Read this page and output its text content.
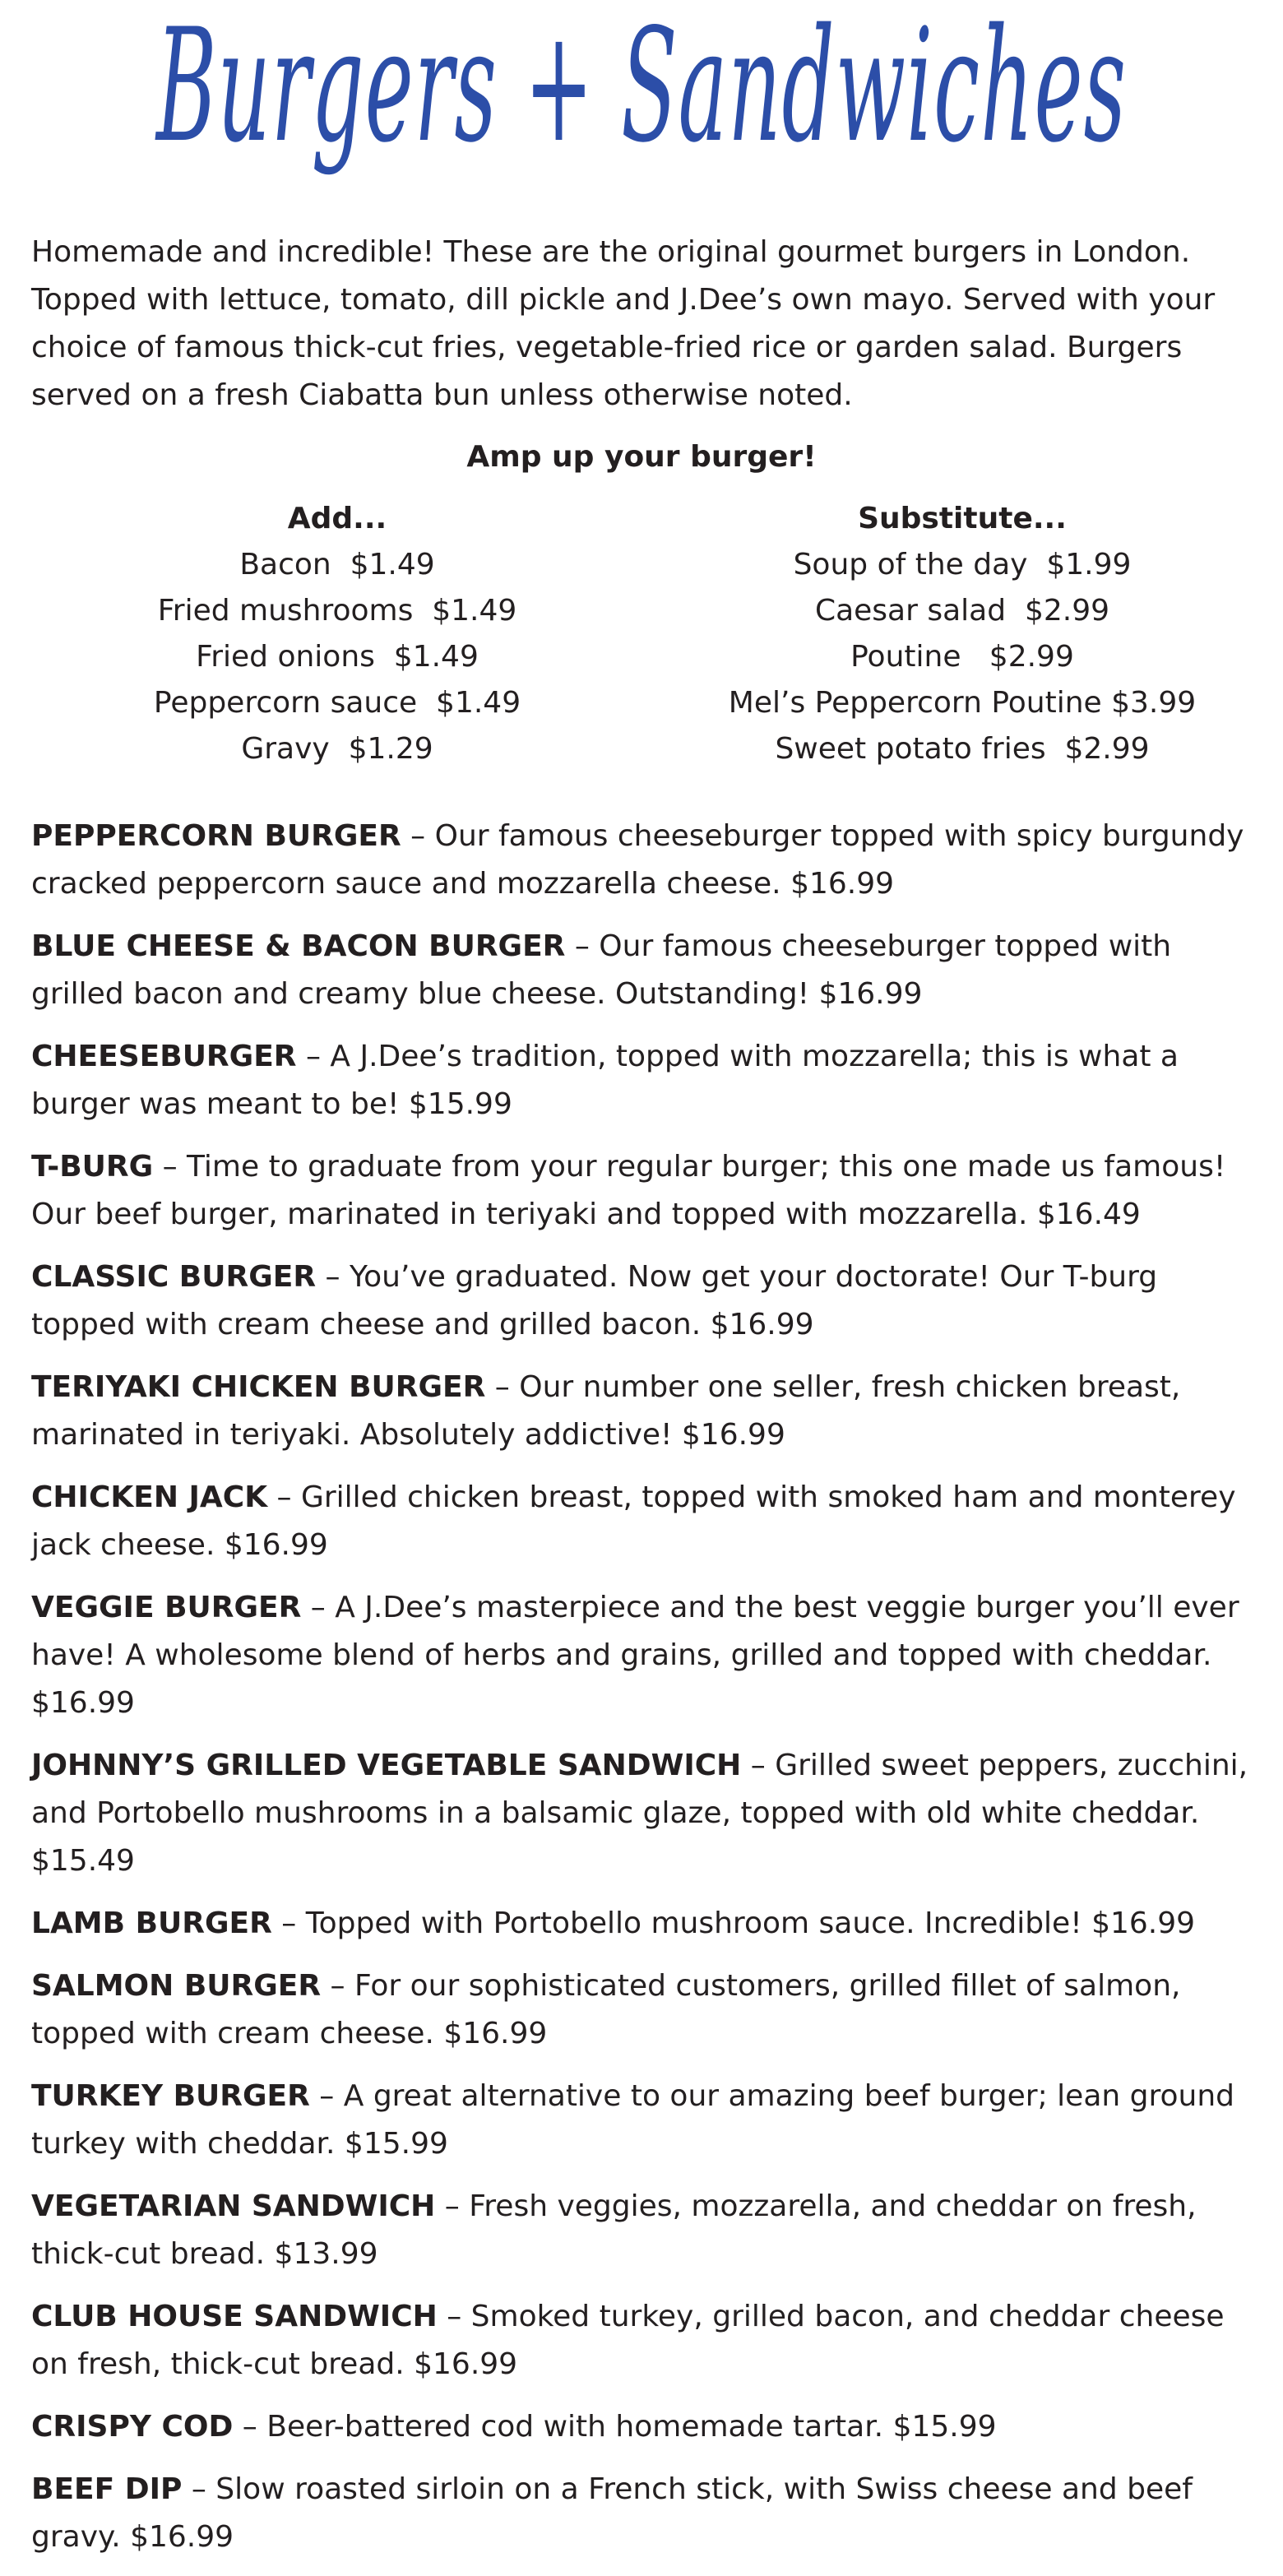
Burgers + Sandwiches

Homemade and incredible! These are the original gourmet burgers in London. Topped with lettuce, tomato, dill pickle and J.Dee’s own mayo. Served with your choice of famous thick-cut fries, vegetable-fried rice or garden salad. Burgers served on a fresh Ciabatta bun unless otherwise noted.

Amp up your burger!

Add...
Bacon  $1.49
Fried mushrooms  $1.49
Fried onions  $1.49
Peppercorn sauce  $1.49
Gravy  $1.29
Substitute...
Soup of the day  $1.99
Caesar salad  $2.99
Poutine   $2.99
Mel’s Peppercorn Poutine $3.99
Sweet potato fries  $2.99
PEPPERCORN BURGER – Our famous cheeseburger topped with spicy burgundy cracked peppercorn sauce and mozzarella cheese. $16.99
BLUE CHEESE & BACON BURGER – Our famous cheeseburger topped with grilled bacon and creamy blue cheese. Outstanding! $16.99
CHEESEBURGER – A J.Dee’s tradition, topped with mozzarella; this is what a burger was meant to be! $15.99
T-BURG – Time to graduate from your regular burger; this one made us famous! Our beef burger, marinated in teriyaki and topped with mozzarella. $16.49
CLASSIC BURGER – You’ve graduated. Now get your doctorate! Our T-burg topped with cream cheese and grilled bacon. $16.99
TERIYAKI CHICKEN BURGER – Our number one seller, fresh chicken breast, marinated in teriyaki. Absolutely addictive! $16.99
CHICKEN JACK – Grilled chicken breast, topped with smoked ham and monterey jack cheese. $16.99
VEGGIE BURGER – A J.Dee’s masterpiece and the best veggie burger you’ll ever have! A wholesome blend of herbs and grains, grilled and topped with cheddar. $16.99
JOHNNY’S GRILLED VEGETABLE SANDWICH – Grilled sweet peppers, zucchini, and Portobello mushrooms in a balsamic glaze, topped with old white cheddar. $15.49
LAMB BURGER – Topped with Portobello mushroom sauce. Incredible! $16.99
SALMON BURGER – For our sophisticated customers, grilled fillet of salmon, topped with cream cheese. $16.99
TURKEY BURGER – A great alternative to our amazing beef burger; lean ground turkey with cheddar. $15.99
VEGETARIAN SANDWICH – Fresh veggies, mozzarella, and cheddar on fresh, thick-cut bread. $13.99
CLUB HOUSE SANDWICH – Smoked turkey, grilled bacon, and cheddar cheese on fresh, thick-cut bread. $16.99
CRISPY COD – Beer-battered cod with homemade tartar. $15.99
BEEF DIP – Slow roasted sirloin on a French stick, with Swiss cheese and beef gravy. $16.99
